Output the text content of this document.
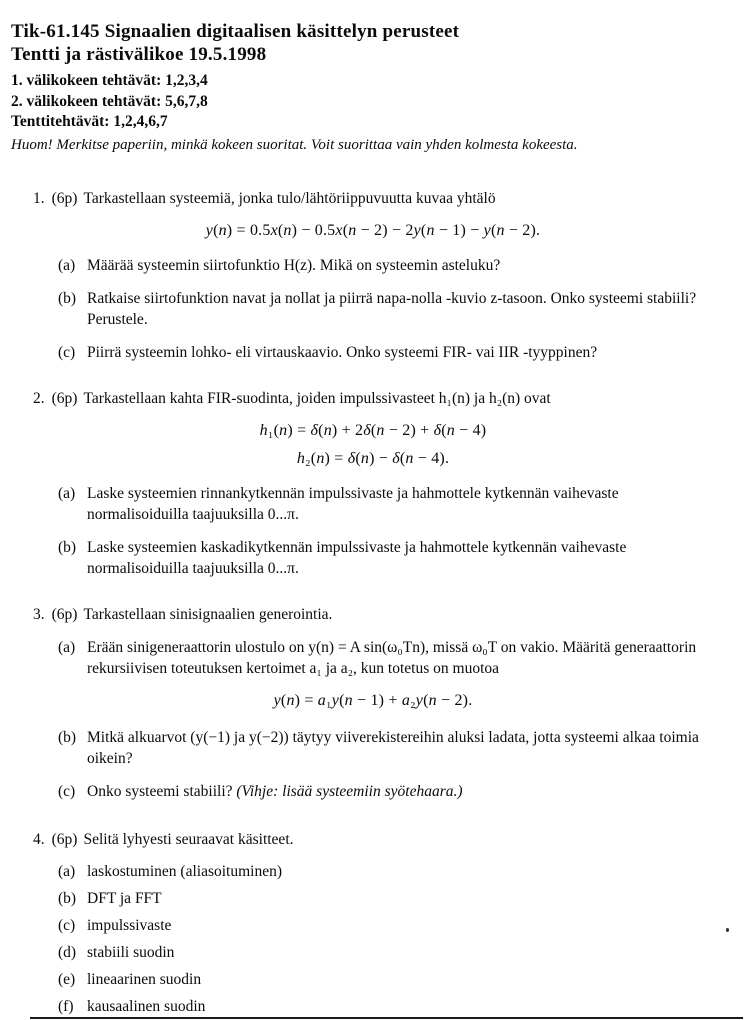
Tik-61.145 Signaalien digitaalisen käsittelyn perusteet
Tentti ja rästivälikoe 19.5.1998
1. välikokeen tehtävät: 1,2,3,4
2. välikokeen tehtävät: 5,6,7,8
Tenttitehtävät: 1,2,4,6,7
Huom! Merkitse paperiin, minkä kokeen suoritat. Voit suorittaa vain yhden kolmesta kokeesta.
1. (6p) Tarkastellaan systeemiä, jonka tulo/lähtöriippuvuutta kuvaa yhtälö
y(n) = 0.5x(n) − 0.5x(n − 2) − 2y(n − 1) − y(n − 2).
(a) Määrää systeemin siirtofunktio H(z). Mikä on systeemin asteluku?
(b) Ratkaise siirtofunktion navat ja nollat ja piirrä napa-nolla -kuvio z-tasoon. Onko systeemi stabiili? Perustele.
(c) Piirrä systeemin lohko- eli virtauskaavio. Onko systeemi FIR- vai IIR -tyyppinen?
2. (6p) Tarkastellaan kahta FIR-suodinta, joiden impulssivasteet h₁(n) ja h₂(n) ovat
h₁(n) = δ(n) + 2δ(n − 2) + δ(n − 4)
h₂(n) = δ(n) − δ(n − 4).
(a) Laske systeemien rinnankytkennän impulssivaste ja hahmottele kytkennän vaihevaste normalisoiduilla taajuuksilla 0...π.
(b) Laske systeemien kaskadikytkennän impulssivaste ja hahmottele kytkennän vaihevaste normalisoiduilla taajuuksilla 0...π.
3. (6p) Tarkastellaan sinisignaalien generointia.
(a) Erään sinigeneraattorin ulostulo on y(n) = A sin(ω₀Tn), missä ω₀T on vakio. Määritä generaattorin rekursiivisen toteutuksen kertoimet a₁ ja a₂, kun totetus on muotoa
y(n) = a₁y(n − 1) + a₂y(n − 2).
(b) Mitkä alkuarvot (y(−1) ja y(−2)) täytyy viiverekistereihin aluksi ladata, jotta systeemi alkaa toimia oikein?
(c) Onko systeemi stabiili? (Vihje: lisää systeemiin syötehaara.)
4. (6p) Selitä lyhyesti seuraavat käsitteet.
(a) laskostuminen (aliasoituminen)
(b) DFT ja FFT
(c) impulssivaste
(d) stabiili suodin
(e) lineaarinen suodin
(f) kausaalinen suodin
